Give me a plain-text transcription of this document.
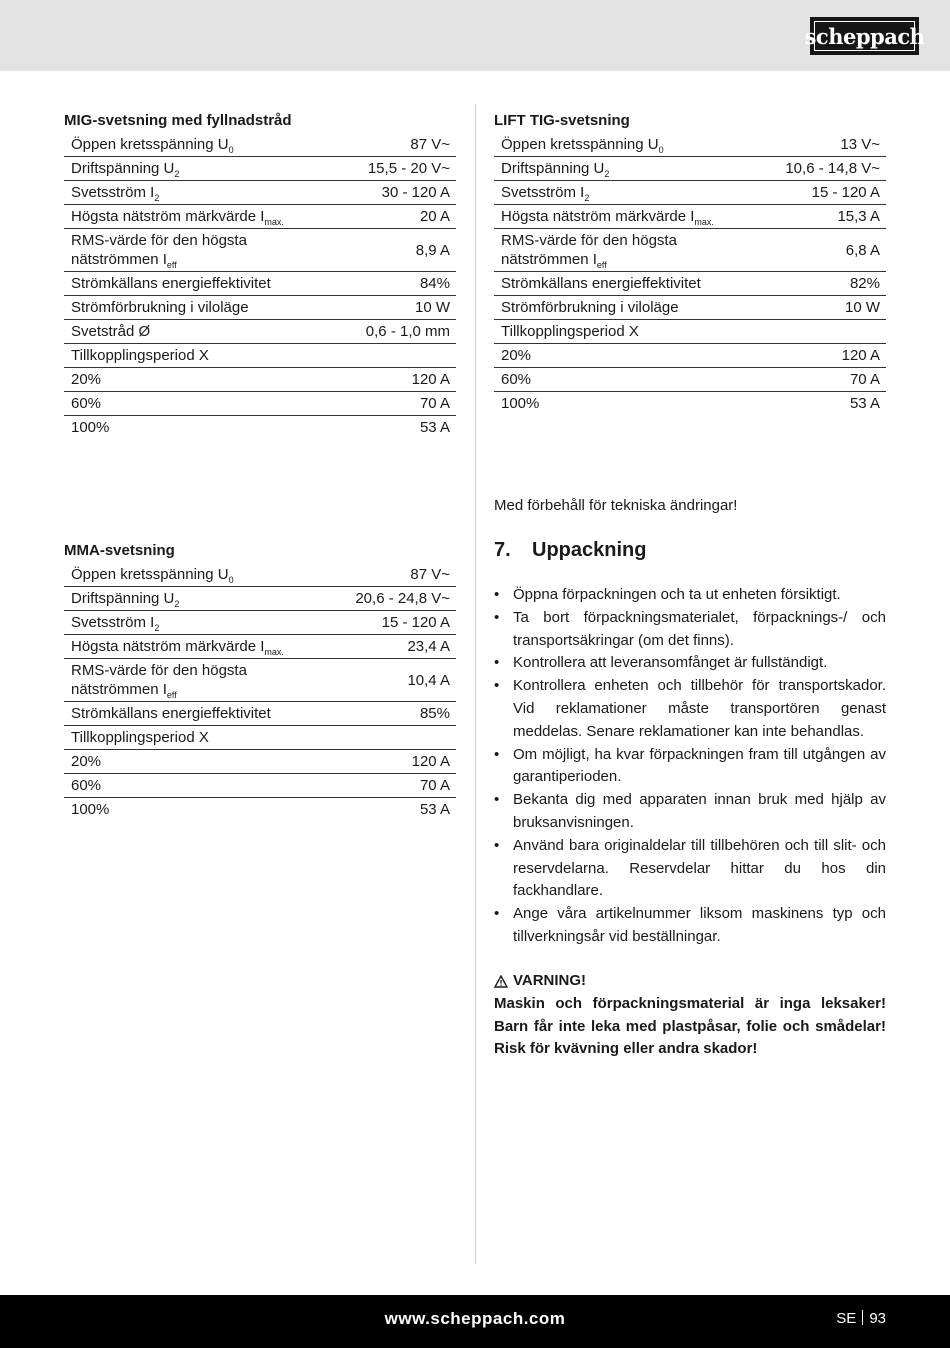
scheppach
MIG-svetsning med fyllnadstråd
Öppen kretsspänning $U_0$	87 V~
Driftspänning $U_2$	15,5 - 20 V~
Svetsström $I_2$	30 - 120 A
Högsta nätström märkvärde $I_{max.}$	20 A
RMS-värde för den högsta nätströmmen $I_{eff}$	8,9 A
Strömkällans energieffektivitet	84%
Strömförbrukning i viloläge	10 W
Svetstråd Ø	0,6 - 1,0 mm
Tillkopplingsperiod X	
20%	120 A
60%	70 A
100%	53 A
MMA-svetsning
Öppen kretsspänning $U_0$	87 V~
Driftspänning $U_2$	20,6 - 24,8 V~
Svetsström $I_2$	15 - 120 A
Högsta nätström märkvärde $I_{max.}$	23,4 A
RMS-värde för den högsta nätströmmen $I_{eff}$	10,4 A
Strömkällans energieffektivitet	85%
Tillkopplingsperiod X	
20%	120 A
60%	70 A
100%	53 A
LIFT TIG-svetsning
Öppen kretsspänning $U_0$	13 V~
Driftspänning $U_2$	10,6 - 14,8 V~
Svetsström $I_2$	15 - 120 A
Högsta nätström märkvärde $I_{max.}$	15,3 A
RMS-värde för den högsta nätströmmen $I_{eff}$	6,8 A
Strömkällans energieffektivitet	82%
Strömförbrukning i viloläge	10 W
Tillkopplingsperiod X	
20%	120 A
60%	70 A
100%	53 A

Med förbehåll för tekniska ändringar!

7. Uppackning
• Öppna förpackningen och ta ut enheten försiktigt.
• Ta bort förpackningsmaterialet, förpacknings-/ och transportsäkringar (om det finns).
• Kontrollera att leveransomfånget är fullständigt.
• Kontrollera enheten och tillbehör för transportskador. Vid reklamationer måste transportören genast meddelas. Senare reklamationer kan inte behandlas.
• Om möjligt, ha kvar förpackningen fram till utgången av garantiperioden.
• Bekanta dig med apparaten innan bruk med hjälp av bruksanvisningen.
• Använd bara originaldelar till tillbehören och till slit- och reservdelarna. Reservdelar hittar du hos din fackhandlare.
• Ange våra artikelnummer liksom maskinens typ och tillverkningsår vid beställningar.

VARNING!

Maskin och förpackningsmaterial är inga leksaker! Barn får inte leka med plastpåsar, folie och smådelar! Risk för kvävning eller andra skador!

www.scheppach.com	SE 93
